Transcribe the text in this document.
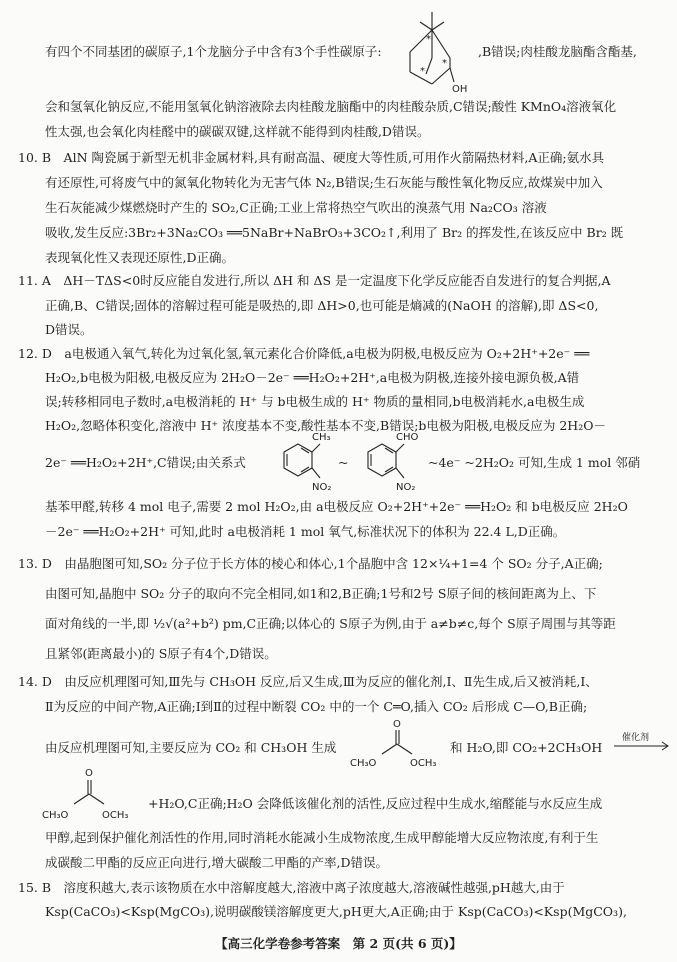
有四个不同基团的碳原子,1个龙脑分子中含有3个手性碳原子:
*
*
*
OH
,B错误;肉桂酸龙脑酯含酯基,
会和氢氧化钠反应,不能用氢氧化钠溶液除去肉桂酸龙脑酯中的肉桂酸杂质,C错误;酸性 KMnO₄溶液氧化
性太强,也会氧化肉桂醛中的碳碳双键,这样就不能得到肉桂酸,D错误。
10. B　AlN 陶瓷属于新型无机非金属材料,具有耐高温、硬度大等性质,可用作火箭隔热材料,A正确;氨水具
有还原性,可将废气中的氮氧化物转化为无害气体 N₂,B错误;生石灰能与酸性氧化物反应,故煤炭中加入
生石灰能减少煤燃烧时产生的 SO₂,C正确;工业上常将热空气吹出的溴蒸气用 Na₂CO₃ 溶液
吸收,发生反应:3Br₂+3Na₂CO₃ ══5NaBr+NaBrO₃+3CO₂↑,利用了 Br₂ 的挥发性,在该反应中 Br₂ 既
表现氧化性又表现还原性,D正确。
11. A　ΔH－TΔS<0时反应能自发进行,所以 ΔH 和 ΔS 是一定温度下化学反应能否自发进行的复合判据,A
正确,B、C错误;固体的溶解过程可能是吸热的,即 ΔH>0,也可能是熵减的(NaOH 的溶解),即 ΔS<0,
D错误。
12. D　a电极通入氧气,转化为过氧化氢,氧元素化合价降低,a电极为阴极,电极反应为 O₂+2H⁺+2e⁻ ══
H₂O₂,b电极为阳极,电极反应为 2H₂O－2e⁻ ══H₂O₂+2H⁺,a电极为阴极,连接外接电源负极,A错
误;转移相同电子数时,a电极消耗的 H⁺ 与 b电极生成的 H⁺ 物质的量相同,b电极消耗水,a电极生成
H₂O₂,忽略体积变化,溶液中 H⁺ 浓度基本不变,酸性基本不变,B错误;b电极为阳极,电极反应为 2H₂O－
2e⁻ ══H₂O₂+2H⁺,C错误;由关系式
CH₃
NO₂
~
CHO
NO₂
~4e⁻ ~2H₂O₂ 可知,生成 1 mol 邻硝
基苯甲醛,转移 4 mol 电子,需要 2 mol H₂O₂,由 a电极反应 O₂+2H⁺+2e⁻ ══H₂O₂ 和 b电极反应 2H₂O
－2e⁻ ══H₂O₂+2H⁺ 可知,此时 a电极消耗 1 mol 氧气,标准状况下的体积为 22.4 L,D正确。
13. D　由晶胞图可知,SO₂ 分子位于长方体的棱心和体心,1个晶胞中含 12×¼+1=4 个 SO₂ 分子,A正确;
由图可知,晶胞中 SO₂ 分子的取向不完全相同,如1和2,B正确;1号和2号 S原子间的核间距离为上、下
面对角线的一半,即 ½√(a²+b²) pm,C正确;以体心的 S原子为例,由于 a≠b≠c,每个 S原子周围与其等距
且紧邻(距离最小)的 S原子有4个,D错误。
14. D　由反应机理图可知,Ⅲ先与 CH₃OH 反应,后又生成,Ⅲ为反应的催化剂,Ⅰ、Ⅱ先生成,后又被消耗,Ⅰ、
Ⅱ为反应的中间产物,A正确;Ⅰ到Ⅱ的过程中断裂 CO₂ 中的一个 C═O,插入 CO₂ 后形成 C—O,B正确;
由反应机理图可知,主要反应为 CO₂ 和 CH₃OH 生成
O
CH₃O	OCH₃
和 H₂O,即 CO₂+2CH₃OH
催化剂
O
CH₃O	OCH₃
+H₂O,C正确;H₂O 会降低该催化剂的活性,反应过程中生成水,缩醛能与水反应生成
甲醇,起到保护催化剂活性的作用,同时消耗水能减小生成物浓度,生成甲醇能增大反应物浓度,有利于生
成碳酸二甲酯的反应正向进行,增大碳酸二甲酯的产率,D错误。
15. B　溶度积越大,表示该物质在水中溶解度越大,溶液中离子浓度越大,溶液碱性越强,pH越大,由于
Ksp(CaCO₃)<Ksp(MgCO₃),说明碳酸镁溶解度更大,pH更大,A正确;由于 Ksp(CaCO₃)<Ksp(MgCO₃),
【高三化学卷参考答案　第 2 页(共 6 页)】
